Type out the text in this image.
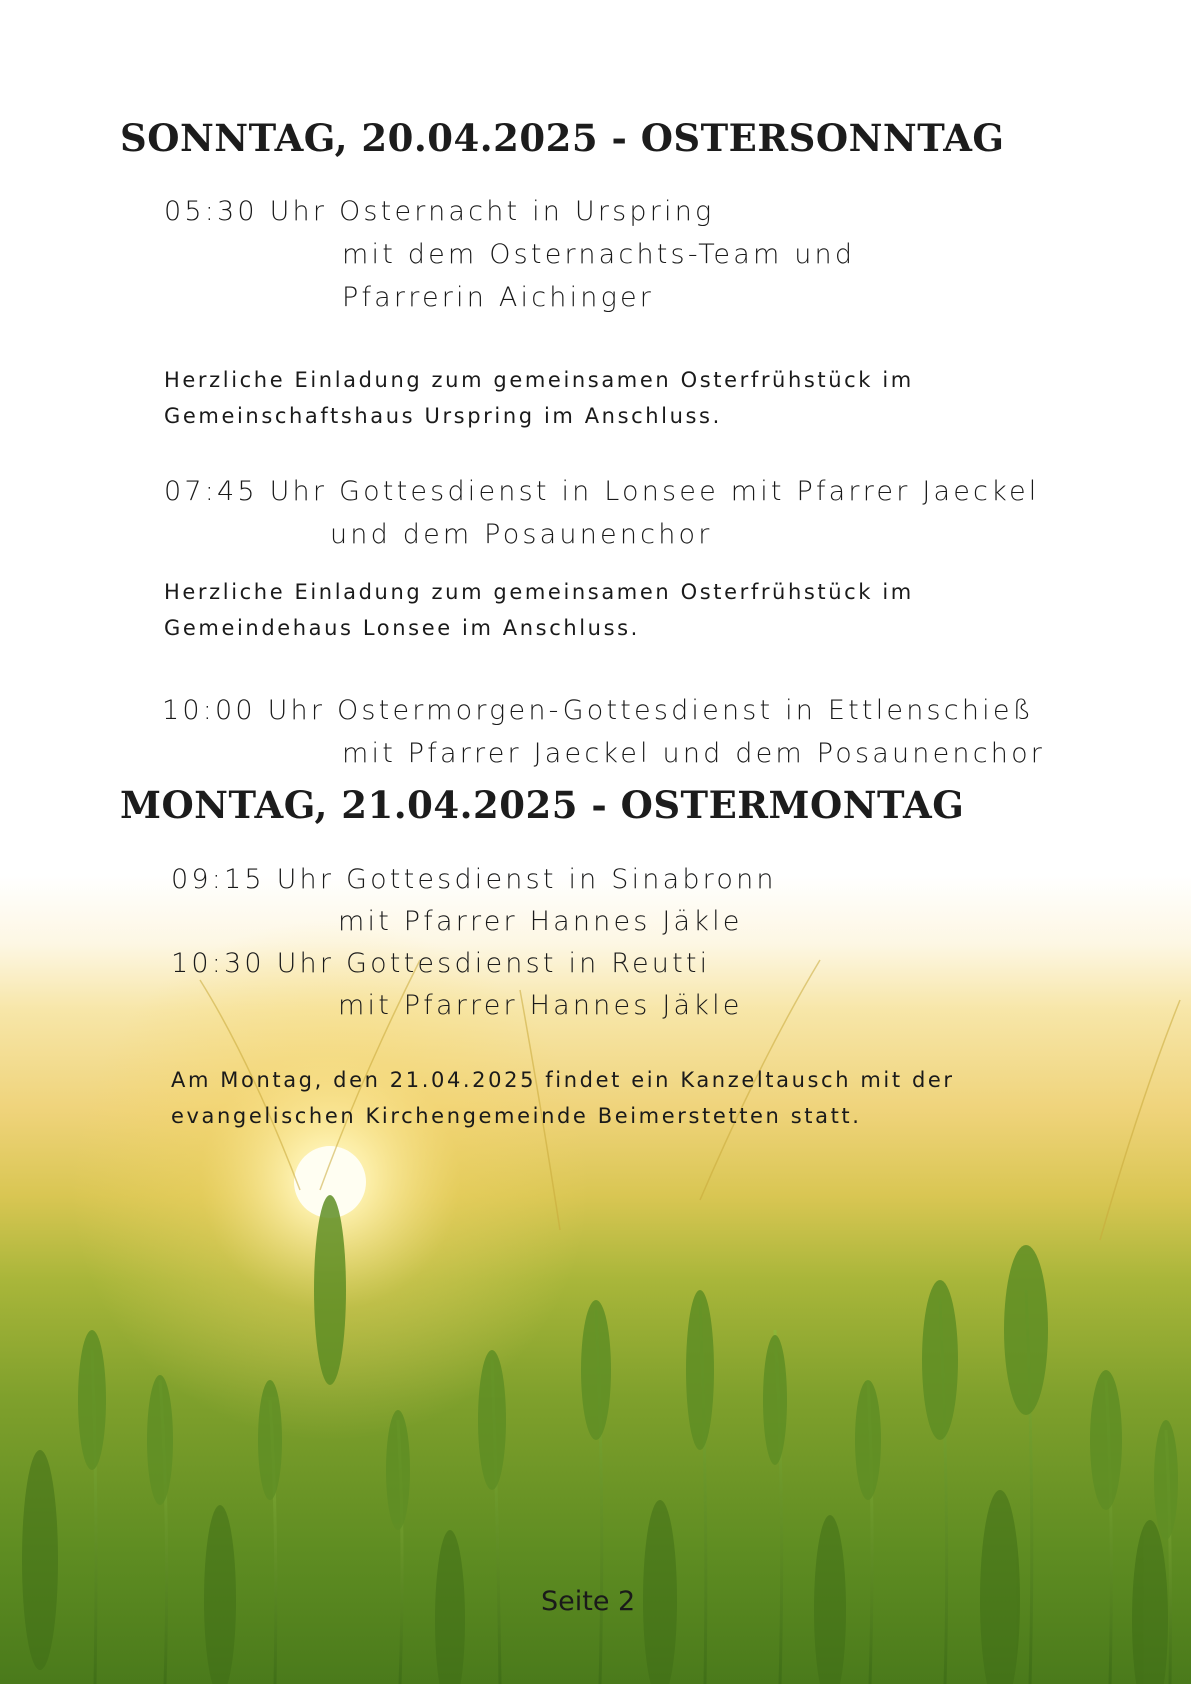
SONNTAG, 20.04.2025 - OSTERSONNTAG
05:30 Uhr Osternacht in Urspring
mit dem Osternachts-Team und
Pfarrerin Aichinger
Herzliche Einladung zum gemeinsamen Osterfrühstück im
Gemeinschaftshaus Urspring im Anschluss.
07:45 Uhr Gottesdienst in Lonsee mit Pfarrer Jaeckel
und dem Posaunenchor
Herzliche Einladung zum gemeinsamen Osterfrühstück im
Gemeindehaus Lonsee im Anschluss.
10:00 Uhr Ostermorgen-Gottesdienst in Ettlenschieß
mit Pfarrer Jaeckel und dem Posaunenchor
MONTAG, 21.04.2025 - OSTERMONTAG
09:15 Uhr Gottesdienst in Sinabronn
mit Pfarrer Hannes Jäkle
10:30 Uhr Gottesdienst in Reutti
mit Pfarrer Hannes Jäkle
Am Montag, den 21.04.2025 findet ein Kanzeltausch mit der
evangelischen Kirchengemeinde Beimerstetten statt.
Seite 2
